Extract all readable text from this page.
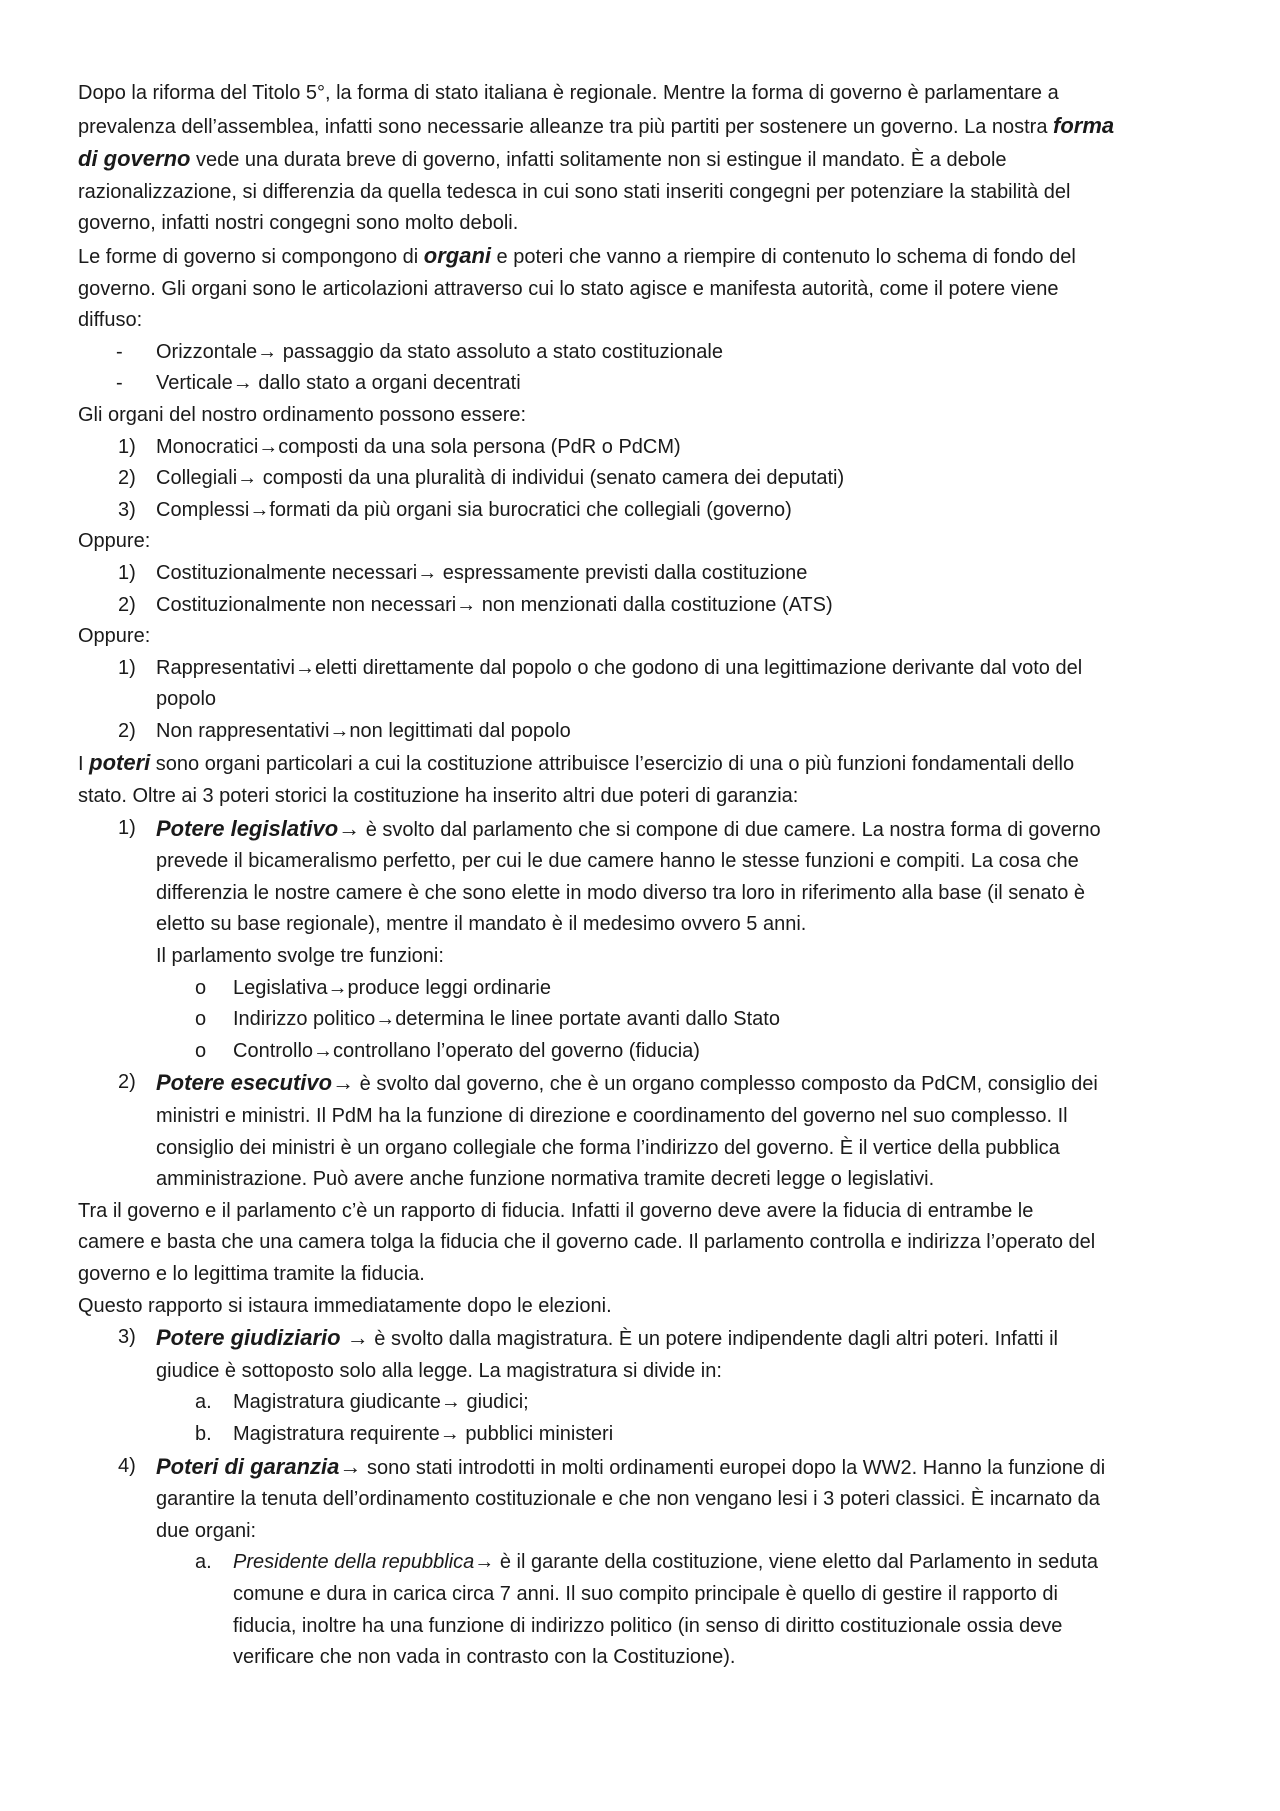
Dopo la riforma del Titolo 5°, la forma di stato italiana è regionale. Mentre la forma di governo è parlamentare a

prevalenza dell’assemblea, infatti sono necessarie alleanze tra più partiti per sostenere un governo. La nostra forma

di governo vede una durata breve di governo, infatti solitamente non si estingue il mandato. È a debole

razionalizzazione, si differenzia da quella tedesca in cui sono stati inseriti congegni per potenziare la stabilità del

governo, infatti nostri congegni sono molto deboli.

Le forme di governo si compongono di organi e poteri che vanno a riempire di contenuto lo schema di fondo del

governo. Gli organi sono le articolazioni attraverso cui lo stato agisce e manifesta autorità, come il potere viene

diffuso:

- Orizzontale→ passaggio da stato assoluto a stato costituzionale
- Verticale→ dallo stato a organi decentrati

Gli organi del nostro ordinamento possono essere:

1) Monocratici→composti da una sola persona (PdR o PdCM)
2) Collegiali→ composti da una pluralità di individui (senato camera dei deputati)
3) Complessi→formati da più organi sia burocratici che collegiali (governo)

Oppure:

1) Costituzionalmente necessari→ espressamente previsti dalla costituzione
2) Costituzionalmente non necessari→ non menzionati dalla costituzione (ATS)

Oppure:

1) Rappresentativi→eletti direttamente dal popolo o che godono di una legittimazione derivante dal voto del
popolo
2) Non rappresentativi→non legittimati dal popolo

I poteri sono organi particolari a cui la costituzione attribuisce l’esercizio di una o più funzioni fondamentali dello

stato. Oltre ai 3 poteri storici la costituzione ha inserito altri due poteri di garanzia:

1) Potere legislativo→ è svolto dal parlamento che si compone di due camere. La nostra forma di governo
prevede il bicameralismo perfetto, per cui le due camere hanno le stesse funzioni e compiti. La cosa che
differenzia le nostre camere è che sono elette in modo diverso tra loro in riferimento alla base (il senato è
eletto su base regionale), mentre il mandato è il medesimo ovvero 5 anni.
Il parlamento svolge tre funzioni:
o Legislativa→produce leggi ordinarie
o Indirizzo politico→determina le linee portate avanti dallo Stato
o Controllo→controllano l’operato del governo (fiducia)
2) Potere esecutivo→ è svolto dal governo, che è un organo complesso composto da PdCM, consiglio dei
ministri e ministri. Il PdM ha la funzione di direzione e coordinamento del governo nel suo complesso. Il
consiglio dei ministri è un organo collegiale che forma l’indirizzo del governo. È il vertice della pubblica
amministrazione. Può avere anche funzione normativa tramite decreti legge o legislativi.

Tra il governo e il parlamento c’è un rapporto di fiducia. Infatti il governo deve avere la fiducia di entrambe le

camere e basta che una camera tolga la fiducia che il governo cade. Il parlamento controlla e indirizza l’operato del

governo e lo legittima tramite la fiducia.

Questo rapporto si istaura immediatamente dopo le elezioni.

3) Potere giudiziario → è svolto dalla magistratura. È un potere indipendente dagli altri poteri. Infatti il
giudice è sottoposto solo alla legge. La magistratura si divide in:
a. Magistratura giudicante→ giudici;
b. Magistratura requirente→ pubblici ministeri
4) Poteri di garanzia→ sono stati introdotti in molti ordinamenti europei dopo la WW2. Hanno la funzione di
garantire la tenuta dell’ordinamento costituzionale e che non vengano lesi i 3 poteri classici. È incarnato da
due organi:
a. Presidente della repubblica→ è il garante della costituzione, viene eletto dal Parlamento in seduta
comune e dura in carica circa 7 anni. Il suo compito principale è quello di gestire il rapporto di
fiducia, inoltre ha una funzione di indirizzo politico (in senso di diritto costituzionale ossia deve
verificare che non vada in contrasto con la Costituzione).
